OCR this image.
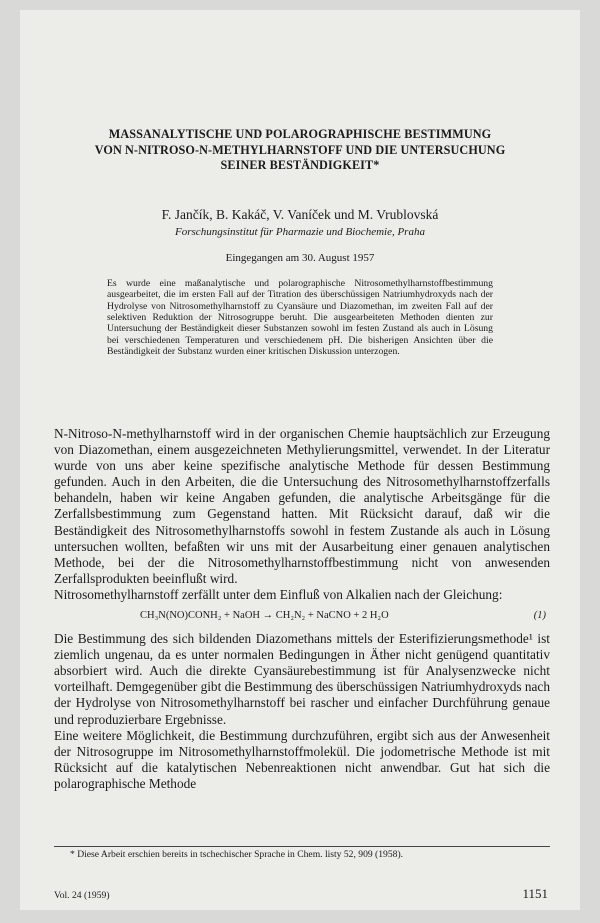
MASSANALYTISCHE UND POLAROGRAPHISCHE BESTIMMUNG
VON N-NITROSO-N-METHYLHARNSTOFF UND DIE UNTERSUCHUNG
SEINER BESTÄNDIGKEIT*

F. Jančík, B. Kakáč, V. Vaníček und M. Vrublovská

Forschungsinstitut für Pharmazie und Biochemie, Praha

Eingegangen am 30. August 1957

Es wurde eine maßanalytische und polarographische Nitrosomethylharnstoffbestimmung ausgearbeitet, die im ersten Fall auf der Titration des überschüssigen Natriumhydroxyds nach der Hydrolyse von Nitrosomethylharnstoff zu Cyansäure und Diazomethan, im zweiten Fall auf der selektiven Reduktion der Nitrosogruppe beruht. Die ausgearbeiteten Methoden dienten zur Untersuchung der Beständigkeit dieser Substanzen sowohl im festen Zustand als auch in Lösung bei verschiedenen Temperaturen und verschiedenem pH. Die bisherigen Ansichten über die Beständigkeit der Substanz wurden einer kritischen Diskussion unterzogen.

N-Nitroso-N-methylharnstoff wird in der organischen Chemie hauptsächlich zur Erzeugung von Diazomethan, einem ausgezeichneten Methylierungsmittel, verwendet. In der Literatur wurde von uns aber keine spezifische analytische Methode für dessen Bestimmung gefunden. Auch in den Arbeiten, die die Untersuchung des Nitrosomethylharnstoffzerfalls behandeln, haben wir keine Angaben gefunden, die analytische Arbeitsgänge für die Zerfallsbestimmung zum Gegenstand hatten. Mit Rücksicht darauf, daß wir die Beständigkeit des Nitrosomethylharnstoffs sowohl in festem Zustande als auch in Lösung untersuchen wollten, befaßten wir uns mit der Ausarbeitung einer genauen analytischen Methode, bei der die Nitrosomethylharnstoffbestimmung nicht von anwesenden Zerfallsprodukten beeinflußt wird.

Nitrosomethylharnstoff zerfällt unter dem Einfluß von Alkalien nach der Gleichung:

CH₃N(NO)CONH₂ + NaOH → CH₂N₂ + NaCNO + 2 H₂O	(1)

Die Bestimmung des sich bildenden Diazomethans mittels der Esterifizierungsmethode¹ ist ziemlich ungenau, da es unter normalen Bedingungen in Äther nicht genügend quantitativ absorbiert wird. Auch die direkte Cyansäurebestimmung ist für Analysenzwecke nicht vorteilhaft. Demgegenüber gibt die Bestimmung des überschüssigen Natriumhydroxyds nach der Hydrolyse von Nitrosomethylharnstoff bei rascher und einfacher Durchführung genaue und reproduzierbare Ergebnisse.

Eine weitere Möglichkeit, die Bestimmung durchzuführen, ergibt sich aus der Anwesenheit der Nitrosogruppe im Nitrosomethylharnstoffmolekül. Die jodometrische Methode ist mit Rücksicht auf die katalytischen Nebenreaktionen nicht anwendbar. Gut hat sich die polarographische Methode

* Diese Arbeit erschien bereits in tschechischer Sprache in Chem. listy 52, 909 (1958).

Vol. 24 (1959)	1151
